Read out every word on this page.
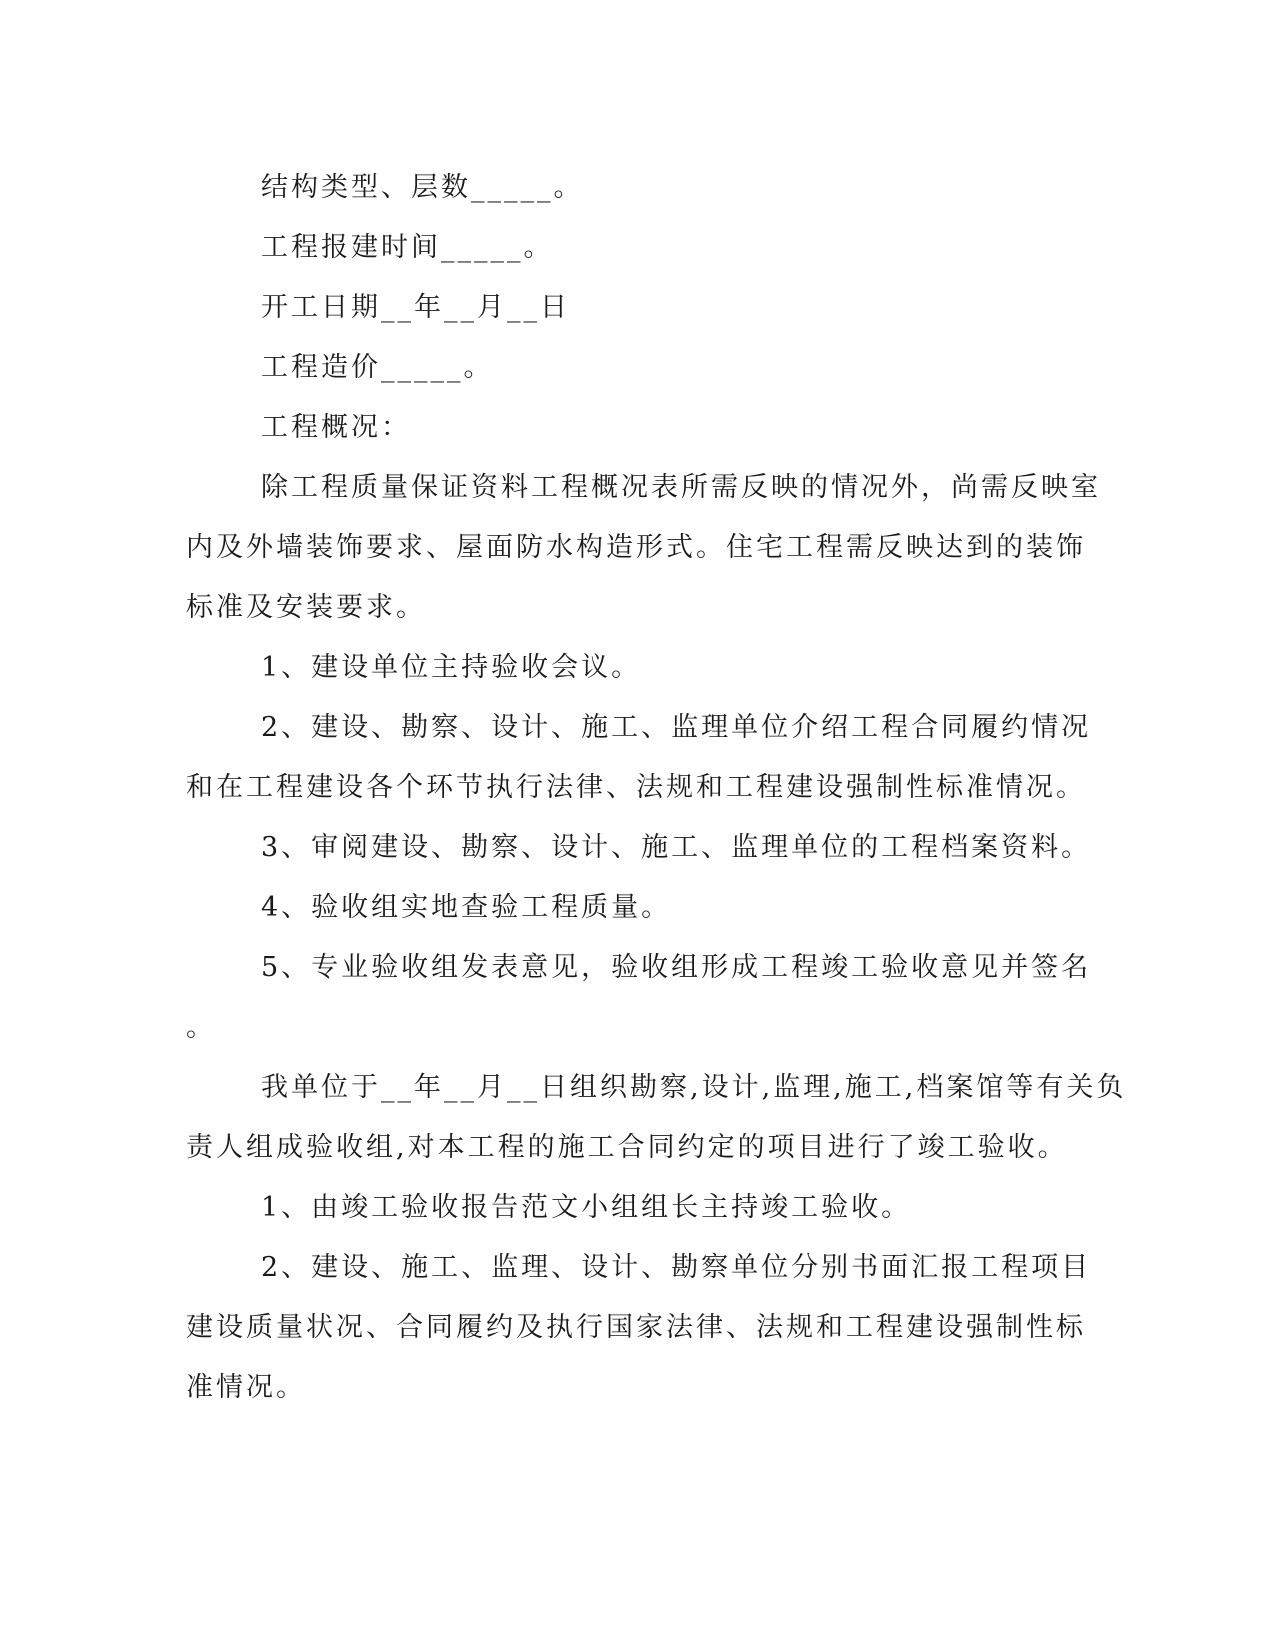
结构类型、层数_____。
工程报建时间_____。
开工日期__年__月__日
工程造价_____。
工程概况：
除工程质量保证资料工程概况表所需反映的情况外，尚需反映室
内及外墙装饰要求、屋面防水构造形式。住宅工程需反映达到的装饰
标准及安装要求。
1、建设单位主持验收会议。
2、建设、勘察、设计、施工、监理单位介绍工程合同履约情况
和在工程建设各个环节执行法律、法规和工程建设强制性标准情况。
3、审阅建设、勘察、设计、施工、监理单位的工程档案资料。
4、验收组实地查验工程质量。
5、专业验收组发表意见，验收组形成工程竣工验收意见并签名
。
我单位于__年__月__日组织勘察,设计,监理,施工,档案馆等有关负
责人组成验收组,对本工程的施工合同约定的项目进行了竣工验收。
1、由竣工验收报告范文小组组长主持竣工验收。
2、建设、施工、监理、设计、勘察单位分别书面汇报工程项目
建设质量状况、合同履约及执行国家法律、法规和工程建设强制性标
准情况。
